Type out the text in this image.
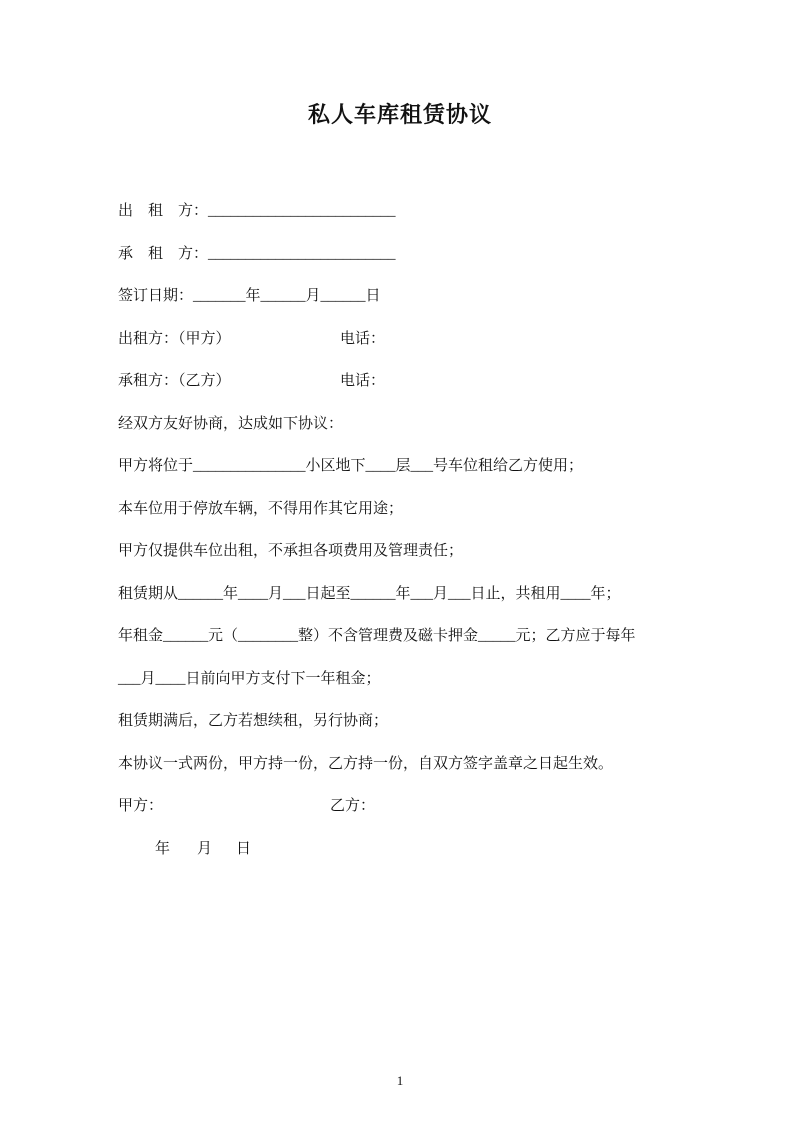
私人车库租赁协议
出    租    方：_________________________
承    租    方：_________________________
签订日期：_______年______月______日
出租方：（甲方）	电话：
承租方：（乙方）	电话：
经双方友好协商，达成如下协议：
甲方将位于_______________小区地下____层___号车位租给乙方使用；
本车位用于停放车辆，不得用作其它用途；
甲方仅提供车位出租，不承担各项费用及管理责任；
租赁期从______年____月___日起至______年___月___日止，共租用____年；
年租金______元（________整）不含管理费及磁卡押金_____元；乙方应于每年
___月____日前向甲方支付下一年租金；
租赁期满后，乙方若想续租，另行协商；
本协议一式两份，甲方持一份，乙方持一份，自双方签字盖章之日起生效。
甲方：	乙方：
年 月 日
1
